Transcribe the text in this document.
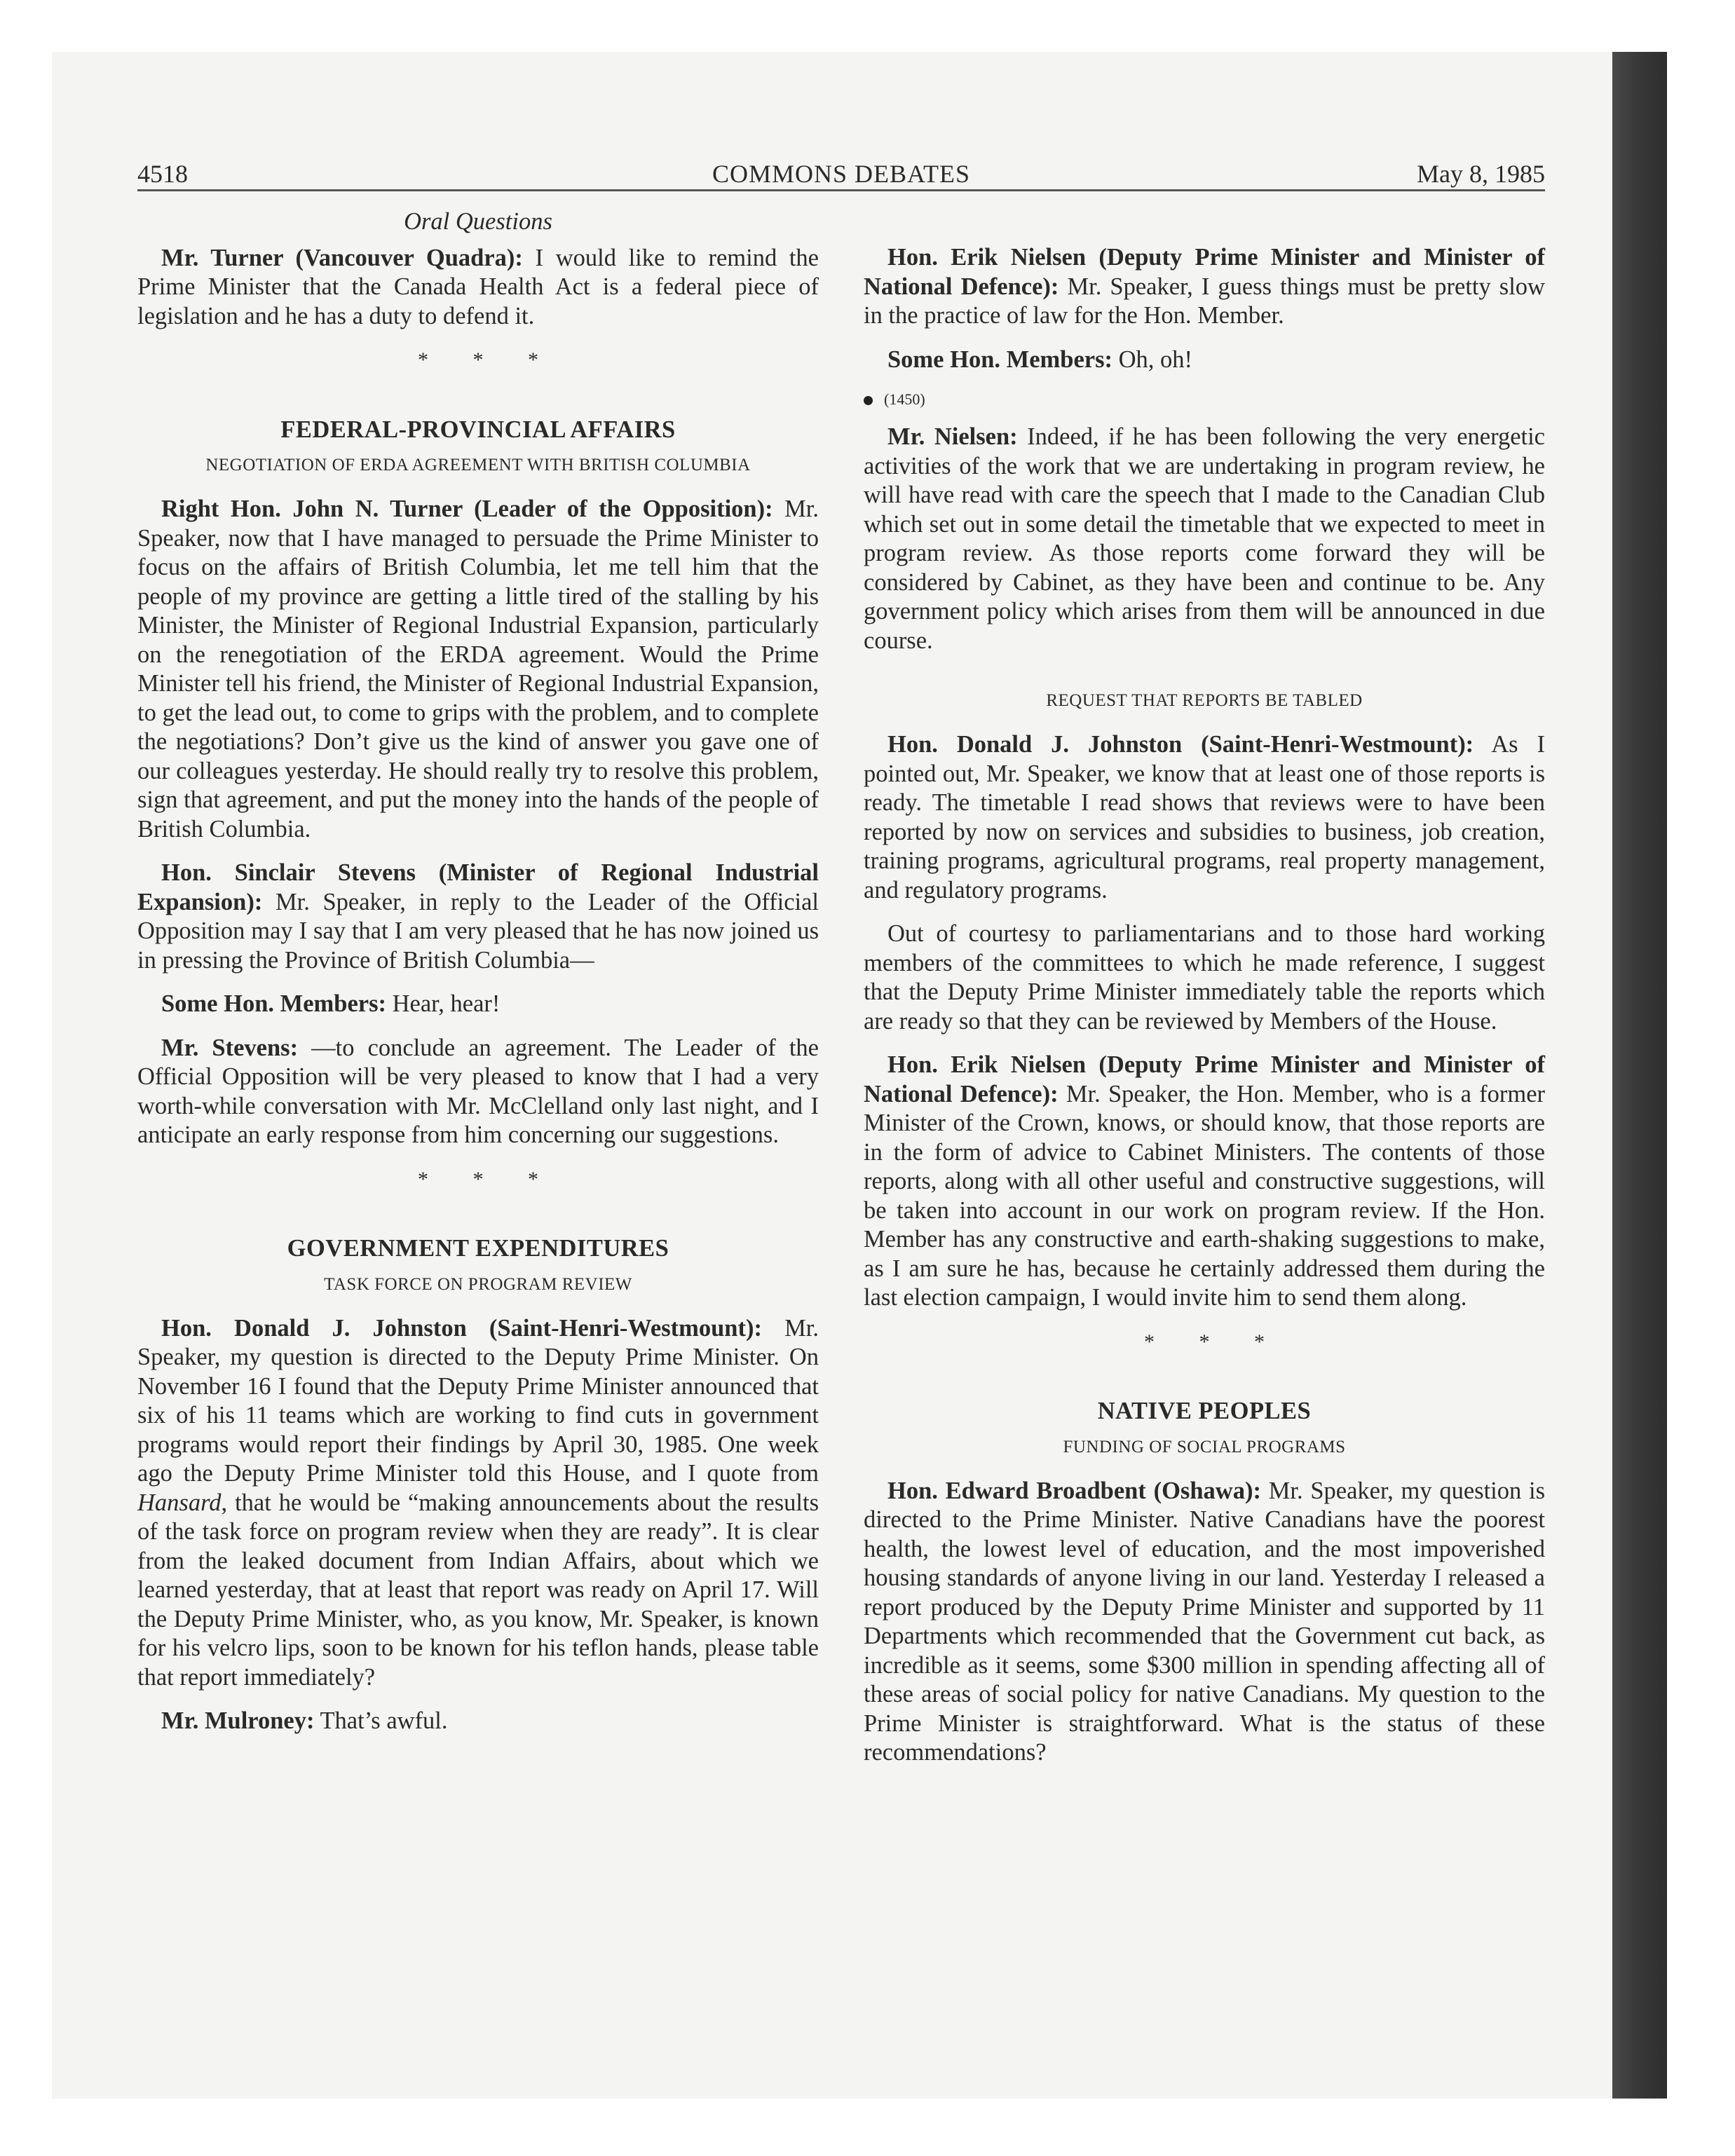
4518	COMMONS DEBATES	May 8, 1985
Oral Questions

Mr. Turner (Vancouver Quadra): I would like to remind the Prime Minister that the Canada Health Act is a federal piece of legislation and he has a duty to defend it.

* * *
FEDERAL-PROVINCIAL AFFAIRS
NEGOTIATION OF ERDA AGREEMENT WITH BRITISH COLUMBIA

Right Hon. John N. Turner (Leader of the Opposition): Mr. Speaker, now that I have managed to persuade the Prime Minister to focus on the affairs of British Columbia, let me tell him that the people of my province are getting a little tired of the stalling by his Minister, the Minister of Regional Industrial Expansion, particularly on the renegotiation of the ERDA agreement. Would the Prime Minister tell his friend, the Minister of Regional Industrial Expansion, to get the lead out, to come to grips with the problem, and to complete the negotiations? Don’t give us the kind of answer you gave one of our colleagues yesterday. He should really try to resolve this problem, sign that agreement, and put the money into the hands of the people of British Columbia.

Hon. Sinclair Stevens (Minister of Regional Industrial Expansion): Mr. Speaker, in reply to the Leader of the Official Opposition may I say that I am very pleased that he has now joined us in pressing the Province of British Columbia—

Some Hon. Members: Hear, hear!

Mr. Stevens: —to conclude an agreement. The Leader of the Official Opposition will be very pleased to know that I had a very worth-while conversation with Mr. McClelland only last night, and I anticipate an early response from him concerning our suggestions.

* * *
GOVERNMENT EXPENDITURES
TASK FORCE ON PROGRAM REVIEW

Hon. Donald J. Johnston (Saint-Henri-Westmount): Mr. Speaker, my question is directed to the Deputy Prime Minister. On November 16 I found that the Deputy Prime Minister announced that six of his 11 teams which are working to find cuts in government programs would report their findings by April 30, 1985. One week ago the Deputy Prime Minister told this House, and I quote from Hansard, that he would be “making announcements about the results of the task force on program review when they are ready”. It is clear from the leaked document from Indian Affairs, about which we learned yesterday, that at least that report was ready on April 17. Will the Deputy Prime Minister, who, as you know, Mr. Speaker, is known for his velcro lips, soon to be known for his teflon hands, please table that report immediately?

Mr. Mulroney: That’s awful.

Hon. Erik Nielsen (Deputy Prime Minister and Minister of National Defence): Mr. Speaker, I guess things must be pretty slow in the practice of law for the Hon. Member.

Some Hon. Members: Oh, oh!

(1450)

Mr. Nielsen: Indeed, if he has been following the very energetic activities of the work that we are undertaking in program review, he will have read with care the speech that I made to the Canadian Club which set out in some detail the timetable that we expected to meet in program review. As those reports come forward they will be considered by Cabinet, as they have been and continue to be. Any government policy which arises from them will be announced in due course.

REQUEST THAT REPORTS BE TABLED

Hon. Donald J. Johnston (Saint-Henri-Westmount): As I pointed out, Mr. Speaker, we know that at least one of those reports is ready. The timetable I read shows that reviews were to have been reported by now on services and subsidies to business, job creation, training programs, agricultural programs, real property management, and regulatory programs.

Out of courtesy to parliamentarians and to those hard working members of the committees to which he made reference, I suggest that the Deputy Prime Minister immediately table the reports which are ready so that they can be reviewed by Members of the House.

Hon. Erik Nielsen (Deputy Prime Minister and Minister of National Defence): Mr. Speaker, the Hon. Member, who is a former Minister of the Crown, knows, or should know, that those reports are in the form of advice to Cabinet Ministers. The contents of those reports, along with all other useful and constructive suggestions, will be taken into account in our work on program review. If the Hon. Member has any constructive and earth-shaking suggestions to make, as I am sure he has, because he certainly addressed them during the last election campaign, I would invite him to send them along.

* * *
NATIVE PEOPLES
FUNDING OF SOCIAL PROGRAMS

Hon. Edward Broadbent (Oshawa): Mr. Speaker, my question is directed to the Prime Minister. Native Canadians have the poorest health, the lowest level of education, and the most impoverished housing standards of anyone living in our land. Yesterday I released a report produced by the Deputy Prime Minister and supported by 11 Departments which recommended that the Government cut back, as incredible as it seems, some $300 million in spending affecting all of these areas of social policy for native Canadians. My question to the Prime Minister is straightforward. What is the status of these recommendations?
